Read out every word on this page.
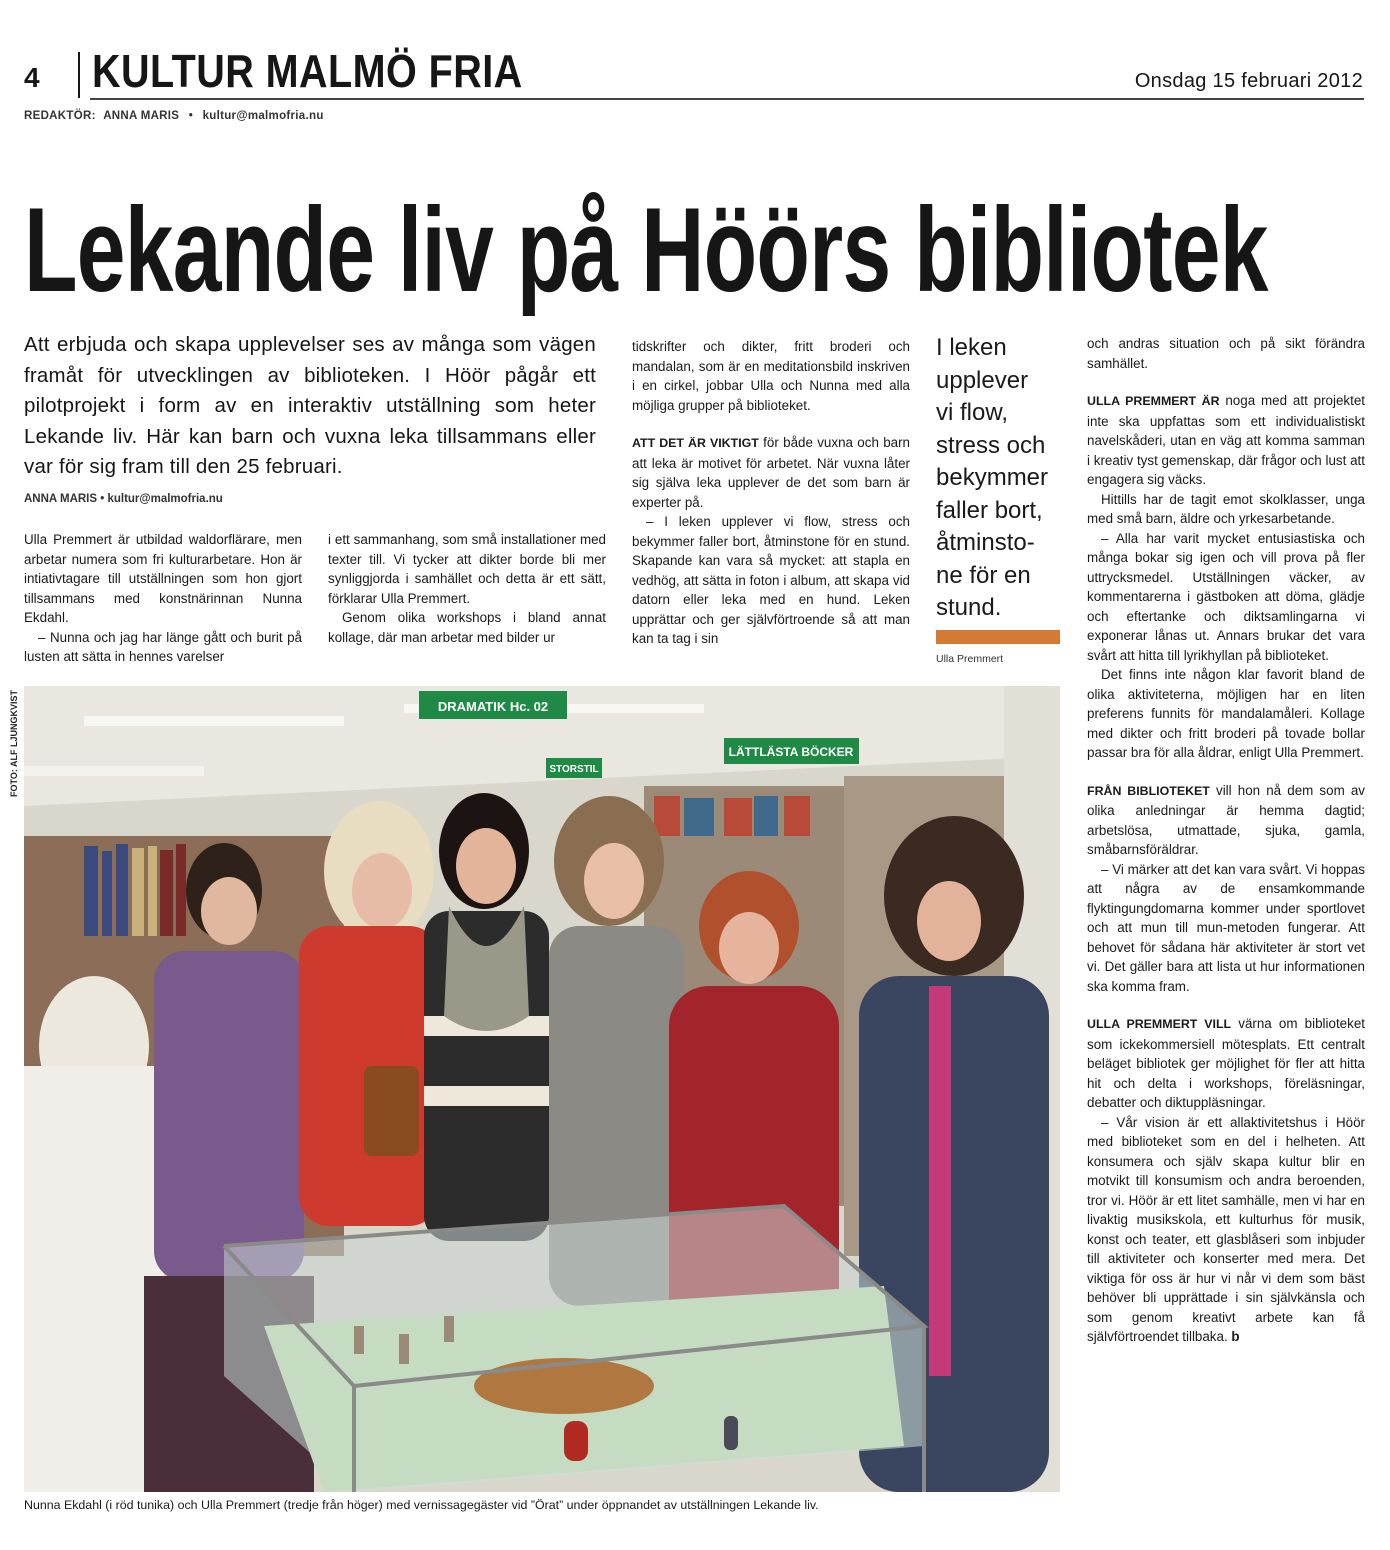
4 KULTUR MALMÖ FRIA	Onsdag 15 februari 2012
REDAKTÖR: ANNA MARIS • kultur@malmofria.nu
Lekande liv på Höörs bibliotek
Att erbjuda och skapa upplevelser ses av många som vägen framåt för utvecklingen av biblioteken. I Höör pågår ett pilotprojekt i form av en interaktiv utställning som heter Lekande liv. Här kan barn och vuxna leka tillsammans eller var för sig fram till den 25 februari.
ANNA MARIS • kultur@malmofria.nu

Ulla Premmert är utbildad waldorflärare, men arbetar numera som fri kulturarbetare. Hon är intiativtagare till utställningen som hon gjort tillsammans med konstnärinnan Nunna Ekdahl.

– Nunna och jag har länge gått och burit på lusten att sätta in hennes varelser

i ett sammanhang, som små installationer med texter till. Vi tycker att dikter borde bli mer synliggjorda i samhället och detta är ett sätt, förklarar Ulla Premmert.

Genom olika workshops i bland annat kollage, där man arbetar med bilder ur

tidskrifter och dikter, fritt broderi och mandalan, som är en meditationsbild inskriven i en cirkel, jobbar Ulla och Nunna med alla möjliga grupper på biblioteket.

ATT DET ÄR VIKTIGT för både vuxna och barn att leka är motivet för arbetet. När vuxna låter sig själva leka upplever de det som barn är experter på.

– I leken upplever vi flow, stress och bekymmer faller bort, åtminstone för en stund. Skapande kan vara så mycket: att stapla en vedhög, att sätta in foton i album, att skapa vid datorn eller leka med en hund. Leken upprättar och ger självförtroende så att man kan ta tag i sin

I leken
upplever
vi flow,
stress och
bekymmer
faller bort,
åtminsto-
ne för en
stund.
Ulla Premmert

och andras situation och på sikt förändra samhället.

ULLA PREMMERT ÄR noga med att projektet inte ska uppfattas som ett individualistiskt navelskåderi, utan en väg att komma samman i kreativ tyst gemenskap, där frågor och lust att engagera sig väcks.

Hittills har de tagit emot skolklasser, unga med små barn, äldre och yrkesarbetande.

– Alla har varit mycket entusiastiska och många bokar sig igen och vill prova på fler uttrycksmedel. Utställningen väcker, av kommentarerna i gästboken att döma, glädje och eftertanke och diktsamlingarna vi exponerar lånas ut. Annars brukar det vara svårt att hitta till lyrikhyllan på biblioteket.

Det finns inte någon klar favorit bland de olika aktiviteterna, möjligen har en liten preferens funnits för mandalamåleri. Kollage med dikter och fritt broderi på tovade bollar passar bra för alla åldrar, enligt Ulla Premmert.

FRÅN BIBLIOTEKET vill hon nå dem som av olika anledningar är hemma dagtid; arbetslösa, utmattade, sjuka, gamla, småbarnsföräldrar.

– Vi märker att det kan vara svårt. Vi hoppas att några av de ensamkommande flyktingungdomarna kommer under sportlovet och att mun till mun-metoden fungerar. Att behovet för sådana här aktiviteter är stort vet vi. Det gäller bara att lista ut hur informationen ska komma fram.

ULLA PREMMERT VILL värna om biblioteket som ickekommersiell mötesplats. Ett centralt beläget bibliotek ger möjlighet för fler att hitta hit och delta i workshops, föreläsningar, debatter och diktuppläsningar.

– Vår vision är ett allaktivitetshus i Höör med biblioteket som en del i helheten. Att konsumera och själv skapa kultur blir en motvikt till konsumism och andra beroenden, tror vi. Höör är ett litet samhälle, men vi har en livaktig musikskola, ett kulturhus för musik, konst och teater, ett glasblåseri som inbjuder till aktiviteter och konserter med mera. Det viktiga för oss är hur vi når vi dem som bäst behöver bli upprättade i sin självkänsla och som genom kreativt arbete kan få självförtroendet tillbaka. b

FOTO: ALF LJUNGKVIST	DRAMATIK Hc. 02
LÄTTLÄSTA BÖCKER
STORSTIL
Nunna Ekdahl (i röd tunika) och Ulla Premmert (tredje från höger) med vernissagegäster vid ”Örat” under öppnandet av utställningen Lekande liv.
